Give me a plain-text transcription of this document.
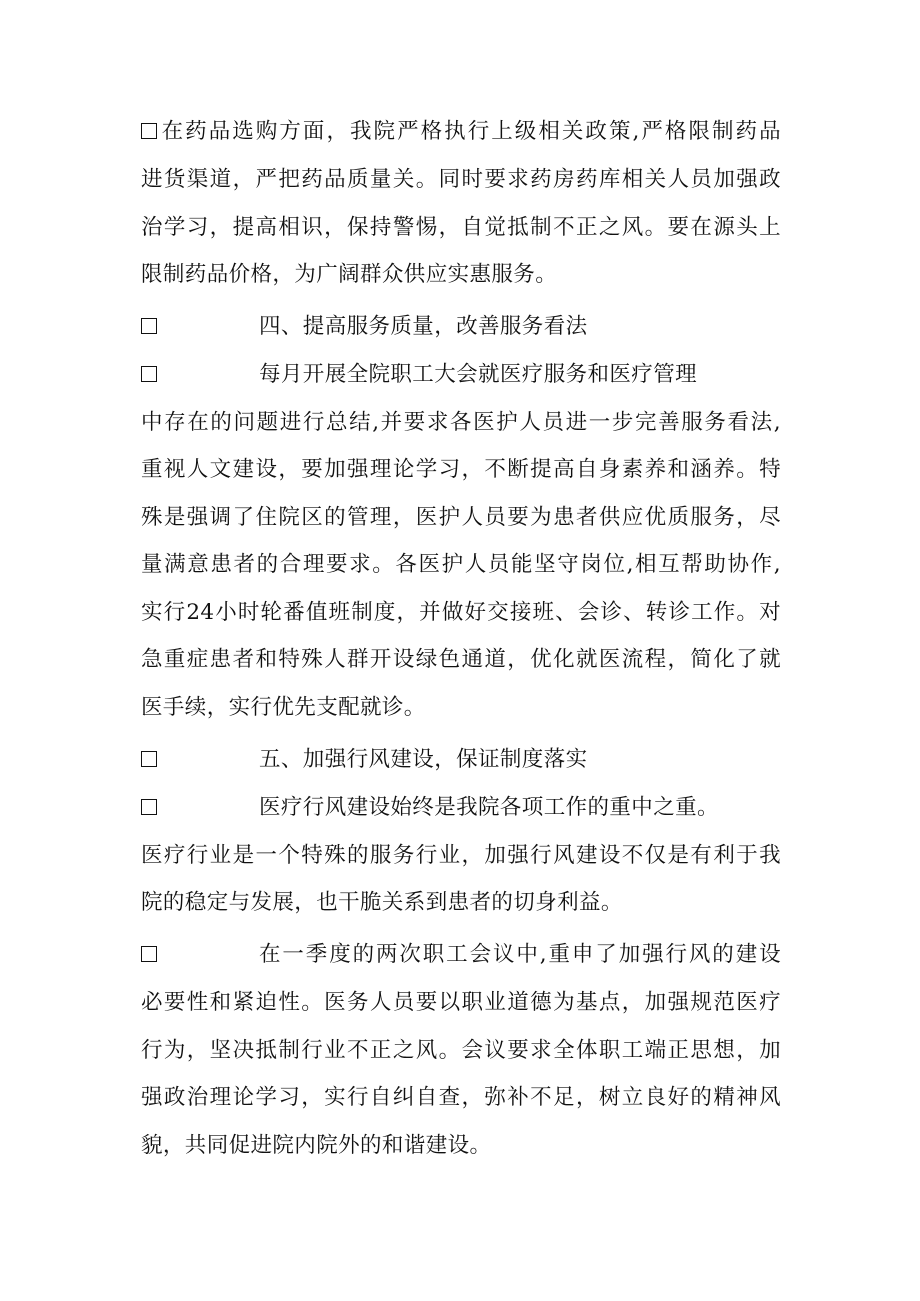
在药品选购方面，我院严格执行上级相关政策,严格限制药品
进货渠道，严把药品质量关。同时要求药房药库相关人员加强政
治学习，提高相识，保持警惕，自觉抵制不正之风。要在源头上
限制药品价格，为广阔群众供应实惠服务。
四、提高服务质量，改善服务看法
每月开展全院职工大会就医疗服务和医疗管理
中存在的问题进行总结,并要求各医护人员进一步完善服务看法,
重视人文建设，要加强理论学习，不断提高自身素养和涵养。特
殊是强调了住院区的管理，医护人员要为患者供应优质服务，尽
量满意患者的合理要求。各医护人员能坚守岗位,相互帮助协作,
实行24小时轮番值班制度，并做好交接班、会诊、转诊工作。对
急重症患者和特殊人群开设绿色通道，优化就医流程，简化了就
医手续，实行优先支配就诊。
五、加强行风建设，保证制度落实
医疗行风建设始终是我院各项工作的重中之重。
医疗行业是一个特殊的服务行业，加强行风建设不仅是有利于我
院的稳定与发展，也干脆关系到患者的切身利益。
在一季度的两次职工会议中,重申了加强行风的建设
必要性和紧迫性。医务人员要以职业道德为基点，加强规范医疗
行为，坚决抵制行业不正之风。会议要求全体职工端正思想，加
强政治理论学习，实行自纠自查，弥补不足，树立良好的精神风
貌，共同促进院内院外的和谐建设。
